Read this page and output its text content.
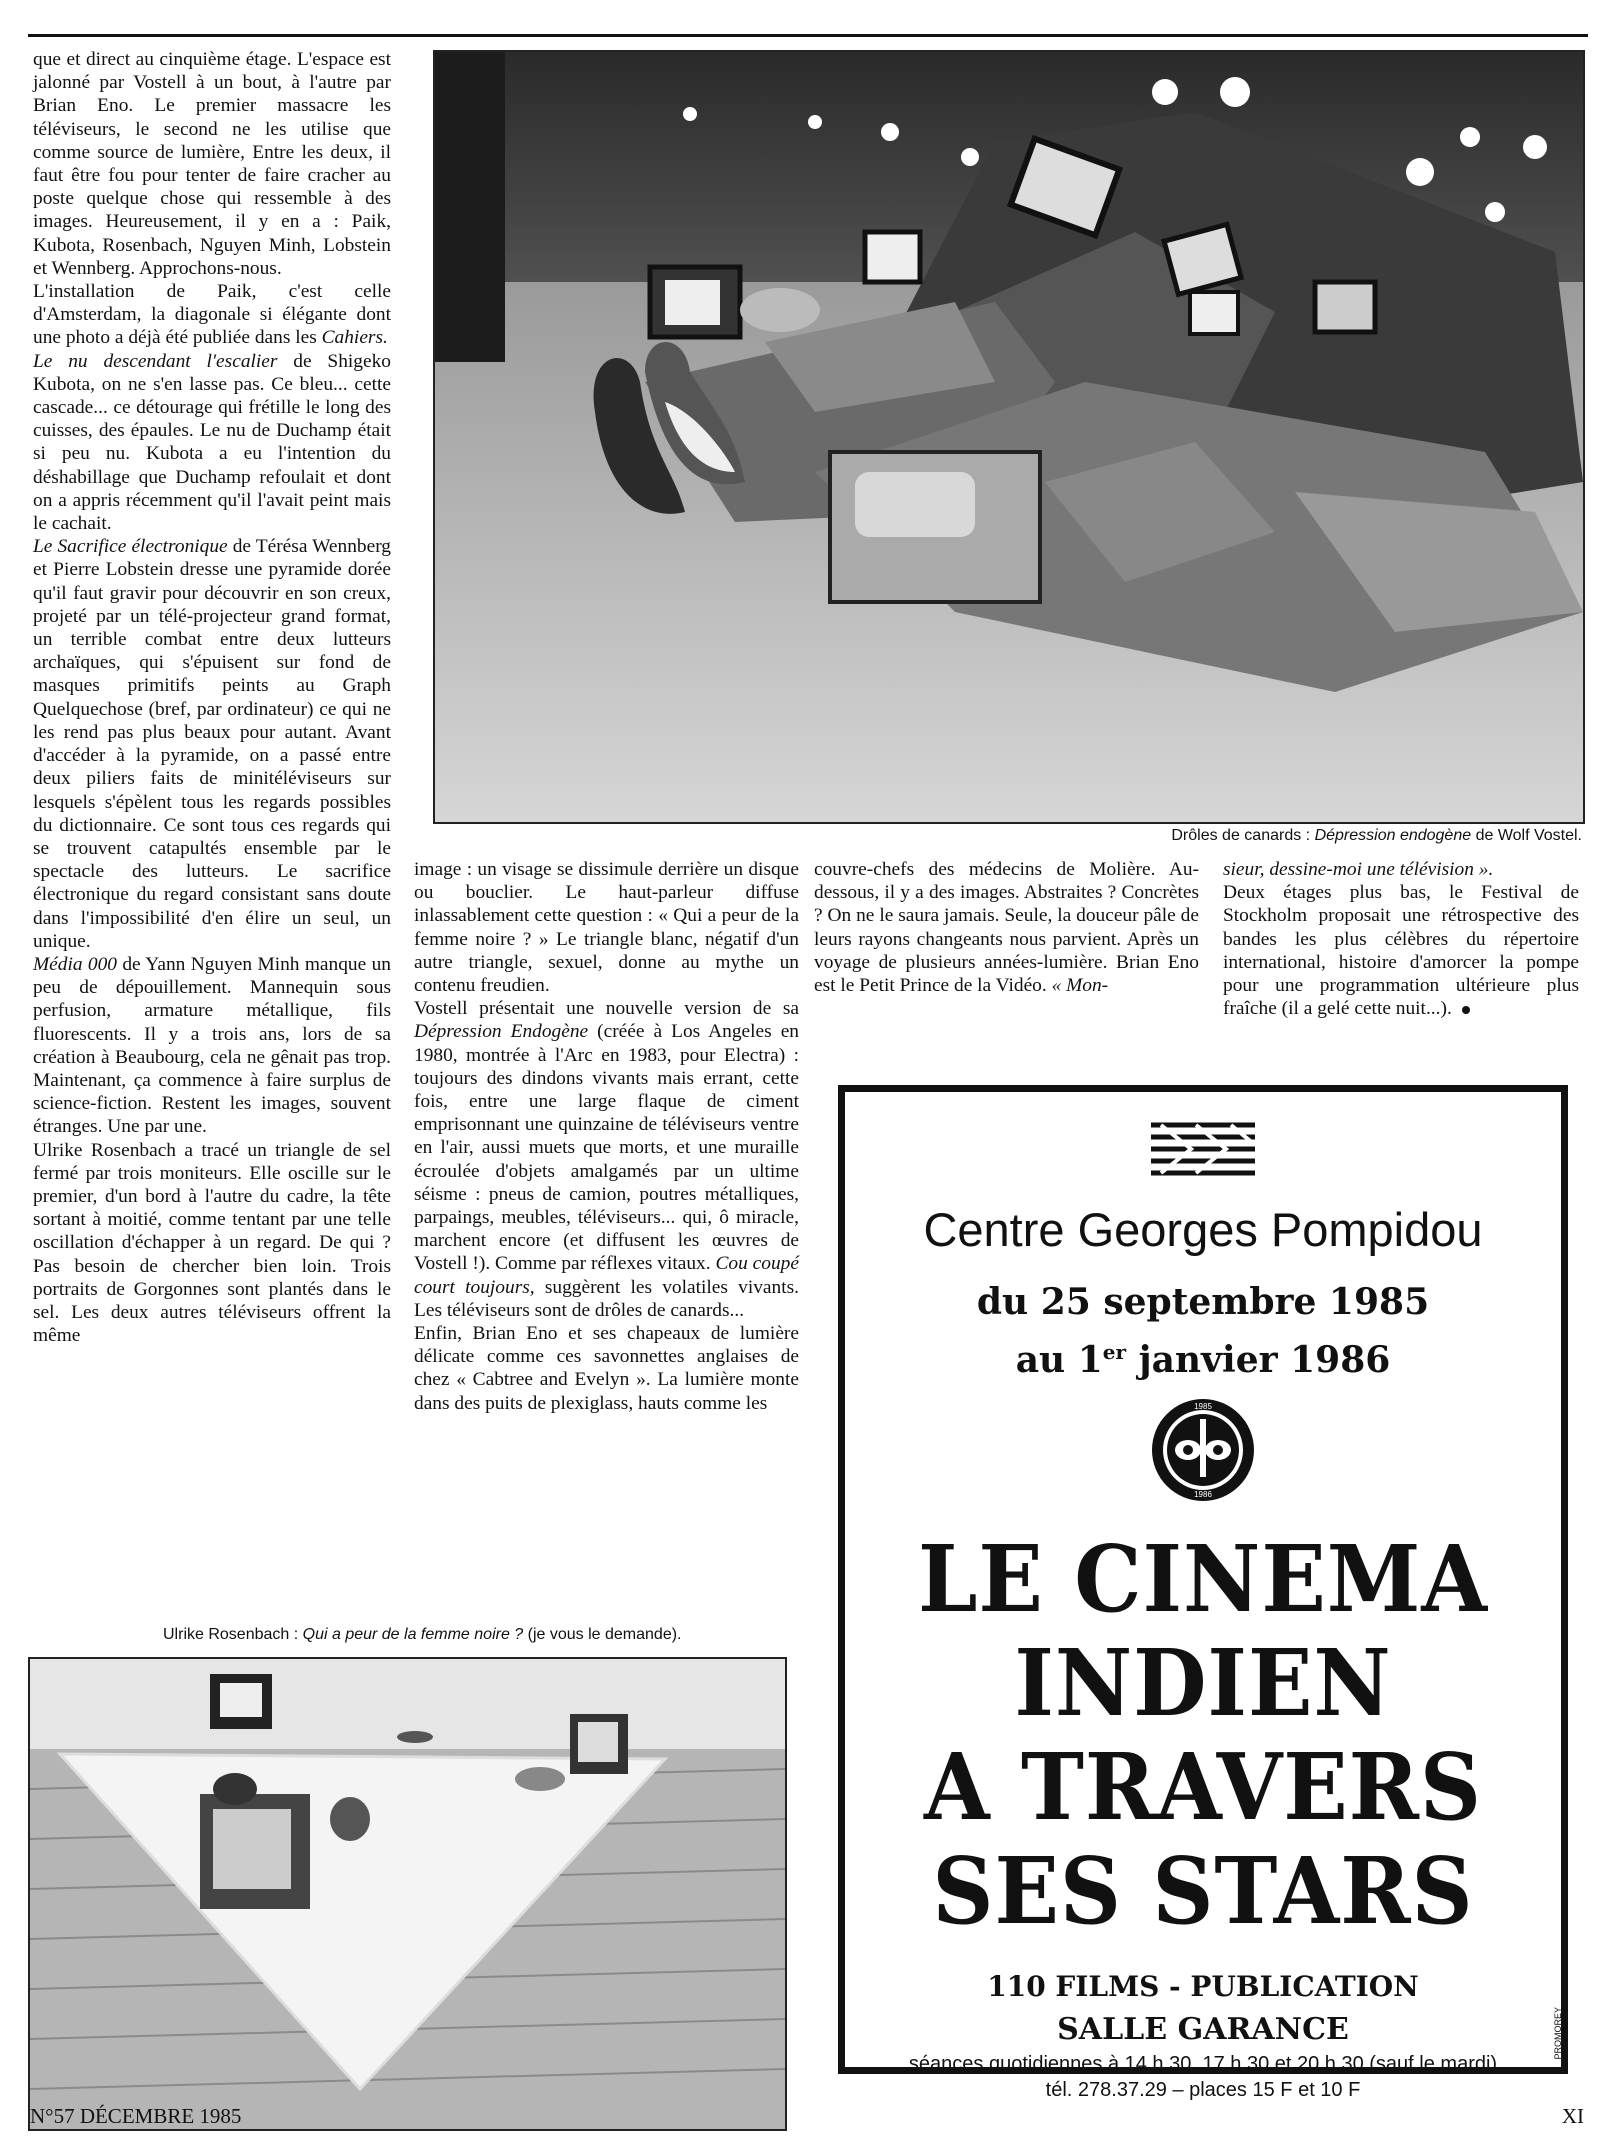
que et direct au cinquième étage. L'espace est jalonné par Vostell à un bout, à l'autre par Brian Eno. Le premier massacre les téléviseurs, le second ne les utilise que comme source de lumière, Entre les deux, il faut être fou pour tenter de faire cracher au poste quelque chose qui ressemble à des images. Heureusement, il y en a : Paik, Kubota, Rosenbach, Nguyen Minh, Lobstein et Wennberg. Approchons-nous.

L'installation de Paik, c'est celle d'Amsterdam, la diagonale si élégante dont une photo a déjà été publiée dans les Cahiers.

Le nu descendant l'escalier de Shigeko Kubota, on ne s'en lasse pas. Ce bleu... cette cascade... ce détourage qui frétille le long des cuisses, des épaules. Le nu de Duchamp était si peu nu. Kubota a eu l'intention du déshabillage que Duchamp refoulait et dont on a appris récemment qu'il l'avait peint mais le cachait.

Le Sacrifice électronique de Térésa Wennberg et Pierre Lobstein dresse une pyramide dorée qu'il faut gravir pour découvrir en son creux, projeté par un télé-projecteur grand format, un terrible combat entre deux lutteurs archaïques, qui s'épuisent sur fond de masques primitifs peints au Graph Quelquechose (bref, par ordinateur) ce qui ne les rend pas plus beaux pour autant. Avant d'accéder à la pyramide, on a passé entre deux piliers faits de minitéléviseurs sur lesquels s'épèlent tous les regards possibles du dictionnaire. Ce sont tous ces regards qui se trouvent catapultés ensemble par le spectacle des lutteurs. Le sacrifice électronique du regard consistant sans doute dans l'impossibilité d'en élire un seul, un unique.

Média 000 de Yann Nguyen Minh manque un peu de dépouillement. Mannequin sous perfusion, armature métallique, fils fluorescents. Il y a trois ans, lors de sa création à Beaubourg, cela ne gênait pas trop. Maintenant, ça commence à faire surplus de science-fiction. Restent les images, souvent étranges. Une par une.

Ulrike Rosenbach a tracé un triangle de sel fermé par trois moniteurs. Elle oscille sur le premier, d'un bord à l'autre du cadre, la tête sortant à moitié, comme tentant par une telle oscillation d'échapper à un regard. De qui ? Pas besoin de chercher bien loin. Trois portraits de Gorgonnes sont plantés dans le sel. Les deux autres téléviseurs offrent la même

Drôles de canards : Dépression endogène de Wolf Vostel.

image : un visage se dissimule derrière un disque ou bouclier. Le haut-parleur diffuse inlassablement cette question : « Qui a peur de la femme noire ? » Le triangle blanc, négatif d'un autre triangle, sexuel, donne au mythe un contenu freudien.

Vostell présentait une nouvelle version de sa Dépression Endogène (créée à Los Angeles en 1980, montrée à l'Arc en 1983, pour Electra) : toujours des dindons vivants mais errant, cette fois, entre une large flaque de ciment emprisonnant une quinzaine de téléviseurs ventre en l'air, aussi muets que morts, et une muraille écroulée d'objets amalgamés par un ultime séisme : pneus de camion, poutres métalliques, parpaings, meubles, téléviseurs... qui, ô miracle, marchent encore (et diffusent les œuvres de Vostell !). Comme par réflexes vitaux. Cou coupé court toujours, suggèrent les volatiles vivants. Les téléviseurs sont de drôles de canards...

Enfin, Brian Eno et ses chapeaux de lumière délicate comme ces savonnettes anglaises de chez « Cabtree and Evelyn ». La lumière monte dans des puits de plexiglass, hauts comme les

couvre-chefs des médecins de Molière. Au-dessous, il y a des images. Abstraites ? Concrètes ? On ne le saura jamais. Seule, la douceur pâle de leurs rayons changeants nous parvient. Après un voyage de plusieurs années-lumière. Brian Eno est le Petit Prince de la Vidéo. « Mon-

sieur, dessine-moi une télévision ».

Deux étages plus bas, le Festival de Stockholm proposait une rétrospective des bandes les plus célèbres du répertoire international, histoire d'amorcer la pompe pour une programmation ultérieure plus fraîche (il a gelé cette nuit...).

Ulrike Rosenbach : Qui a peur de la femme noire ? (je vous le demande).
Centre Georges Pompidou
du 25 septembre 1985
au 1er janvier 1986
1985
1986
LE CINEMA
INDIEN
A TRAVERS
SES STARS
110 FILMS - PUBLICATION
SALLE GARANCE
séances quotidiennes à 14 h 30, 17 h 30 et 20 h 30 (sauf le mardi)
tél. 278.37.29 – places 15 F et 10 F
PROMOREY
N°57 DÉCEMBRE 1985	XI
